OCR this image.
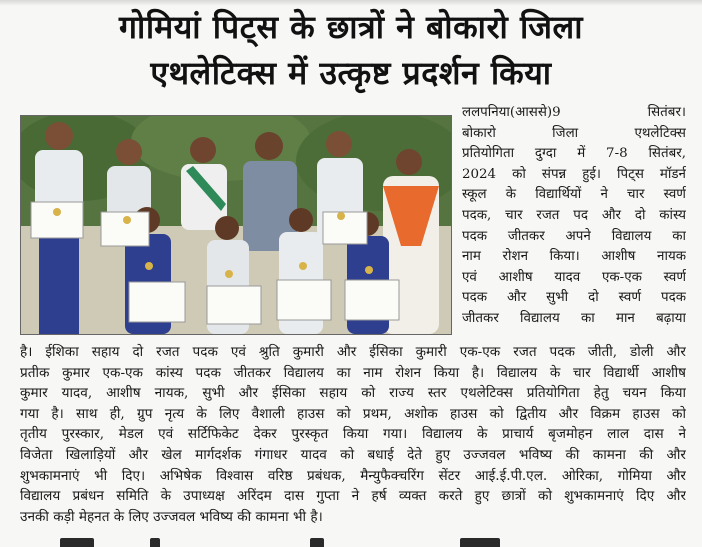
गोमियां पिट्स के छात्रों ने बोकारो जिला
एथलेटिक्स में उत्कृष्ट प्रदर्शन किया
ललपनिया(आससे)9 सितंबर।
बोकारो जिला एथलेटिक्स
प्रतियोगिता दुग्दा में 7-8 सितंबर,
2024 को संपन्न हुई। पिट्स मॉडर्न
स्कूल के विद्यार्थियों ने चार स्वर्ण
पदक, चार रजत पद और दो कांस्य
पदक जीतकर अपने विद्यालय का
नाम रोशन किया। आशीष नायक
एवं आशीष यादव एक-एक स्वर्ण
पदक और सुभी दो स्वर्ण पदक
जीतकर विद्यालय का मान बढ़ाया
है। ईशिका सहाय दो रजत पदक एवं श्रुति कुमारी और ईसिका कुमारी एक-एक रजत पदक जीती, डोली और
प्रतीक कुमार एक-एक कांस्य पदक जीतकर विद्यालय का नाम रोशन किया है। विद्यालय के चार विद्यार्थी आशीष
कुमार यादव, आशीष नायक, सुभी और ईसिका सहाय को राज्य स्तर एथलेटिक्स प्रतियोगिता हेतु चयन किया
गया है। साथ ही, ग्रुप नृत्य के लिए वैशाली हाउस को प्रथम, अशोक हाउस को द्वितीय और विक्रम हाउस को
तृतीय पुरस्कार, मेडल एवं सर्टिफिकेट देकर पुरस्कृत किया गया। विद्यालय के प्राचार्य बृजमोहन लाल दास ने
विजेता खिलाड़ियों और खेल मार्गदर्शक गंगाधर यादव को बधाई देते हुए उज्जवल भविष्य की कामना की और
शुभकामनाएं भी दिए। अभिषेक विश्वास वरिष्ठ प्रबंधक, मैन्युफैक्चरिंग सेंटर आई.ई.पी.एल. ओरिका, गोमिया और
विद्यालय प्रबंधन समिति के उपाध्यक्ष अरिंदम दास गुप्ता ने हर्ष व्यक्त करते हुए छात्रों को शुभकामनाएं दिए और
उनकी कड़ी मेहनत के लिए उज्जवल भविष्य की कामना भी है।
